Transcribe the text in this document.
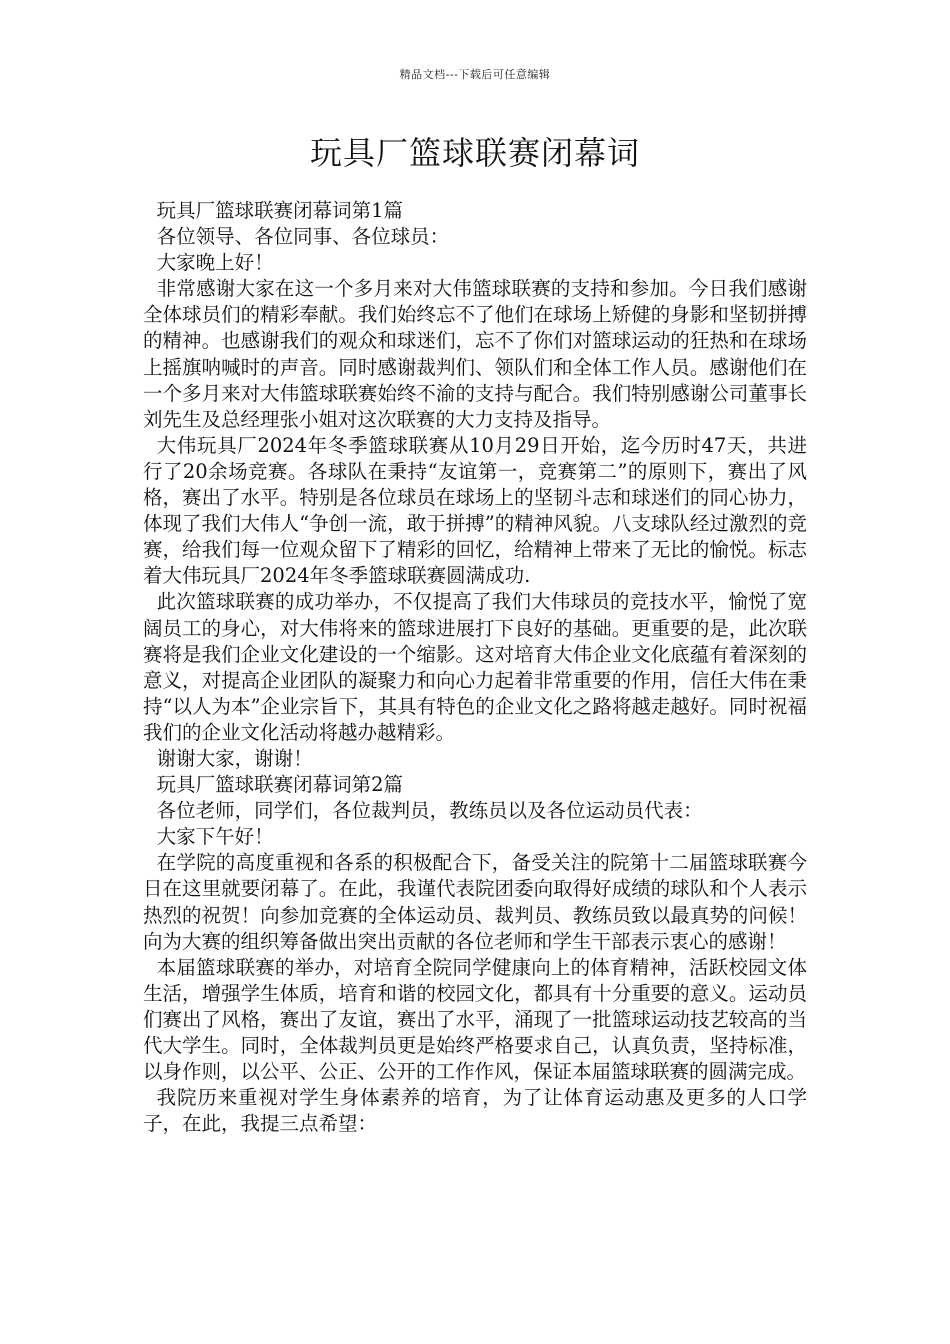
精品文档---下载后可任意编辑
玩具厂篮球联赛闭幕词

玩具厂篮球联赛闭幕词第1篇

各位领导、各位同事、各位球员：

大家晚上好！

非常感谢大家在这一个多月来对大伟篮球联赛的支持和参加。今日我们感谢全体球员们的精彩奉献。我们始终忘不了他们在球场上矫健的身影和坚韧拼搏的精神。也感谢我们的观众和球迷们，忘不了你们对篮球运动的狂热和在球场上摇旗呐喊时的声音。同时感谢裁判们、领队们和全体工作人员。感谢他们在一个多月来对大伟篮球联赛始终不渝的支持与配合。我们特别感谢公司董事长刘先生及总经理张小姐对这次联赛的大力支持及指导。

大伟玩具厂2024年冬季篮球联赛从10月29日开始，迄今历时47天，共进行了20余场竞赛。各球队在秉持“友谊第一，竞赛第二”的原则下，赛出了风格，赛出了水平。特别是各位球员在球场上的坚韧斗志和球迷们的同心协力，体现了我们大伟人“争创一流，敢于拼搏”的精神风貌。八支球队经过激烈的竞赛，给我们每一位观众留下了精彩的回忆，给精神上带来了无比的愉悦。标志着大伟玩具厂2024年冬季篮球联赛圆满成功.

此次篮球联赛的成功举办，不仅提高了我们大伟球员的竞技水平，愉悦了宽阔员工的身心，对大伟将来的篮球进展打下良好的基础。更重要的是，此次联赛将是我们企业文化建设的一个缩影。这对培育大伟企业文化底蕴有着深刻的意义，对提高企业团队的凝聚力和向心力起着非常重要的作用，信任大伟在秉持“以人为本”企业宗旨下，其具有特色的企业文化之路将越走越好。同时祝福我们的企业文化活动将越办越精彩。

谢谢大家，谢谢！

玩具厂篮球联赛闭幕词第2篇

各位老师，同学们，各位裁判员，教练员以及各位运动员代表：

大家下午好！

在学院的高度重视和各系的积极配合下，备受关注的院第十二届篮球联赛今日在这里就要闭幕了。在此，我谨代表院团委向取得好成绩的球队和个人表示热烈的祝贺！向参加竞赛的全体运动员、裁判员、教练员致以最真势的问候！向为大赛的组织筹备做出突出贡献的各位老师和学生干部表示衷心的感谢！

本届篮球联赛的举办，对培育全院同学健康向上的体育精神，活跃校园文体生活，增强学生体质，培育和谐的校园文化，都具有十分重要的意义。运动员们赛出了风格，赛出了友谊，赛出了水平，涌现了一批篮球运动技艺较高的当代大学生。同时，全体裁判员更是始终严格要求自己，认真负责，坚持标准，以身作则，以公平、公正、公开的工作作风，保证本届篮球联赛的圆满完成。

我院历来重视对学生身体素养的培育，为了让体育运动惠及更多的人口学子，在此，我提三点希望：
